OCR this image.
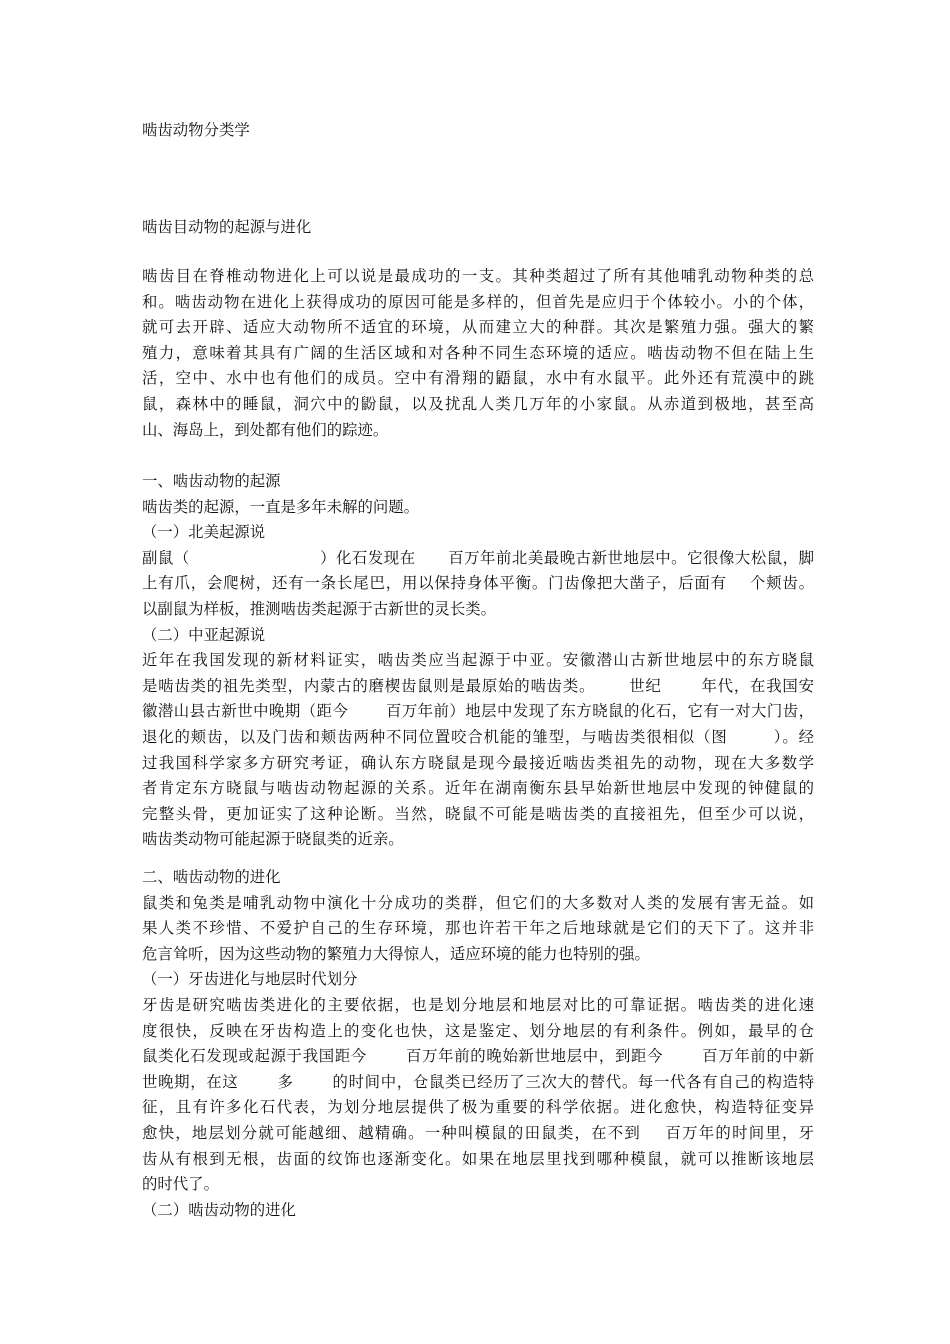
啮齿动物分类学

啮齿目动物的起源与进化

啮齿目在脊椎动物进化上可以说是最成功的一支。其种类超过了所有其他哺乳动物种类的总

和。啮齿动物在进化上获得成功的原因可能是多样的，但首先是应归于个体较小。小的个体，

就可去开辟、适应大动物所不适宜的环境，从而建立大的种群。其次是繁殖力强。强大的繁

殖力，意味着其具有广阔的生活区域和对各种不同生态环境的适应。啮齿动物不但在陆上生

活，空中、水中也有他们的成员。空中有滑翔的鼯鼠，水中有水鼠平。此外还有荒漠中的跳

鼠，森林中的睡鼠，洞穴中的鼢鼠，以及扰乱人类几万年的小家鼠。从赤道到极地，甚至高

山、海岛上，到处都有他们的踪迹。

一、啮齿动物的起源

啮齿类的起源，一直是多年未解的问题。

（一）北美起源说

副鼠（                        ）化石发现在      百万年前北美最晚古新世地层中。它很像大松鼠，脚

上有爪，会爬树，还有一条长尾巴，用以保持身体平衡。门齿像把大凿子，后面有    个颊齿。

以副鼠为样板，推测啮齿类起源于古新世的灵长类。

（二）中亚起源说

近年在我国发现的新材料证实，啮齿类应当起源于中亚。安徽潜山古新世地层中的东方晓鼠

是啮齿类的祖先类型，内蒙古的磨楔齿鼠则是最原始的啮齿类。      世纪       年代，在我国安

徽潜山县古新世中晚期（距今       百万年前）地层中发现了东方晓鼠的化石，它有一对大门齿，

退化的颊齿，以及门齿和颊齿两种不同位置咬合机能的雏型，与啮齿类很相似（图        ）。经

过我国科学家多方研究考证，确认东方晓鼠是现今最接近啮齿类祖先的动物，现在大多数学

者肯定东方晓鼠与啮齿动物起源的关系。近年在湖南衡东县早始新世地层中发现的钟健鼠的

完整头骨，更加证实了这种论断。当然，晓鼠不可能是啮齿类的直接祖先，但至少可以说，

啮齿类动物可能起源于晓鼠类的近亲。

二、啮齿动物的进化

鼠类和兔类是哺乳动物中演化十分成功的类群，但它们的大多数对人类的发展有害无益。如

果人类不珍惜、不爱护自己的生存环境，那也许若干年之后地球就是它们的天下了。这并非

危言耸听，因为这些动物的繁殖力大得惊人，适应环境的能力也特别的强。

（一）牙齿进化与地层时代划分

牙齿是研究啮齿类进化的主要依据，也是划分地层和地层对比的可靠证据。啮齿类的进化速

度很快，反映在牙齿构造上的变化也快，这是鉴定、划分地层的有利条件。例如，最早的仓

鼠类化石发现或起源于我国距今       百万年前的晚始新世地层中，到距今       百万年前的中新

世晚期，在这       多       的时间中，仓鼠类已经历了三次大的替代。每一代各有自己的构造特

征，且有许多化石代表，为划分地层提供了极为重要的科学依据。进化愈快，构造特征变异

愈快，地层划分就可能越细、越精确。一种叫模鼠的田鼠类，在不到    百万年的时间里，牙

齿从有根到无根，齿面的纹饰也逐渐变化。如果在地层里找到哪种模鼠，就可以推断该地层

的时代了。

（二）啮齿动物的进化
